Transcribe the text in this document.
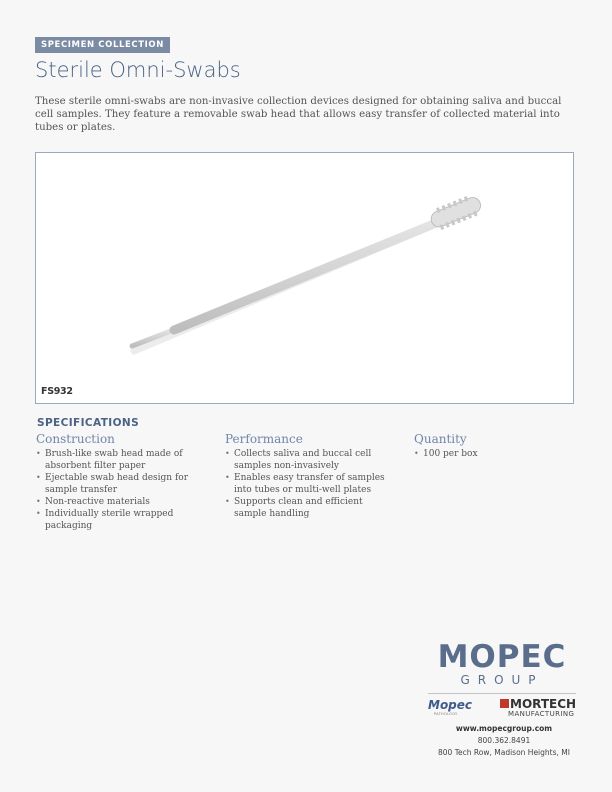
SPECIMEN COLLECTION
Sterile Omni-Swabs
These sterile omni-swabs are non-invasive collection devices designed for obtaining saliva and buccal cell samples. They feature a removable swab head that allows easy transfer of collected material into tubes or plates.
FS932
SPECIFICATIONS
Construction
• Brush-like swab head made of absorbent filter paper
• Ejectable swab head design for sample transfer
• Non-reactive materials
• Individually sterile wrapped packaging
Performance
• Collects saliva and buccal cell samples non-invasively
• Enables easy transfer of samples into tubes or multi-well plates
• Supports clean and efficient sample handling
Quantity
• 100 per box
MOPEC
GROUP
Mopec
PATHOLOGY
MORTECH
MANUFACTURING
www.mopecgroup.com
800.362.8491
800 Tech Row, Madison Heights, MI
